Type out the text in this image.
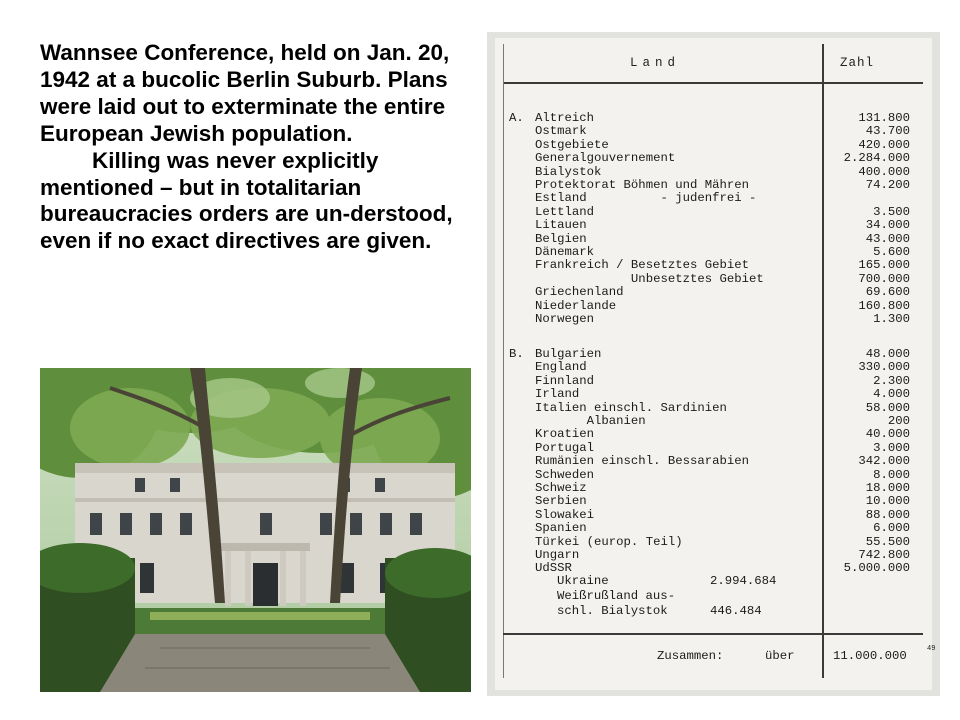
Wannsee Conference, held on Jan. 20, 1942 at a bucolic Berlin Suburb. Plans were laid out to exterminate the entire European Jewish population.

Killing was never explicitly mentioned – but in totalitarian bureaucracies orders are un-derstood, even if no exact directives are given.

Land	Zahl
A. Altreich	131.800
Ostmark	43.700
Ostgebiete	420.000
Generalgouvernement	2.284.000
Bialystok	400.000
Protektorat Böhmen und Mähren	74.200
Estland          - judenfrei -
Lettland	3.500
Litauen	34.000
Belgien	43.000
Dänemark	5.600
Frankreich / Besetztes Gebiet	165.000
Unbesetztes Gebiet	700.000
Griechenland	69.600
Niederlande	160.800
Norwegen	1.300
B. Bulgarien	48.000
England	330.000
Finnland	2.300
Irland	4.000
Italien einschl. Sardinien	58.000
Albanien	200
Kroatien	40.000
Portugal	3.000
Rumänien einschl. Bessarabien	342.000
Schweden	8.000
Schweiz	18.000
Serbien	10.000
Slowakei	88.000
Spanien	6.000
Türkei (europ. Teil)	55.500
Ungarn	742.800
UdSSR	5.000.000
Ukraine	2.994.684
Weißrußland aus-
schl. Bialystok	446.484
Zusammen:	über	11.000.000	49
